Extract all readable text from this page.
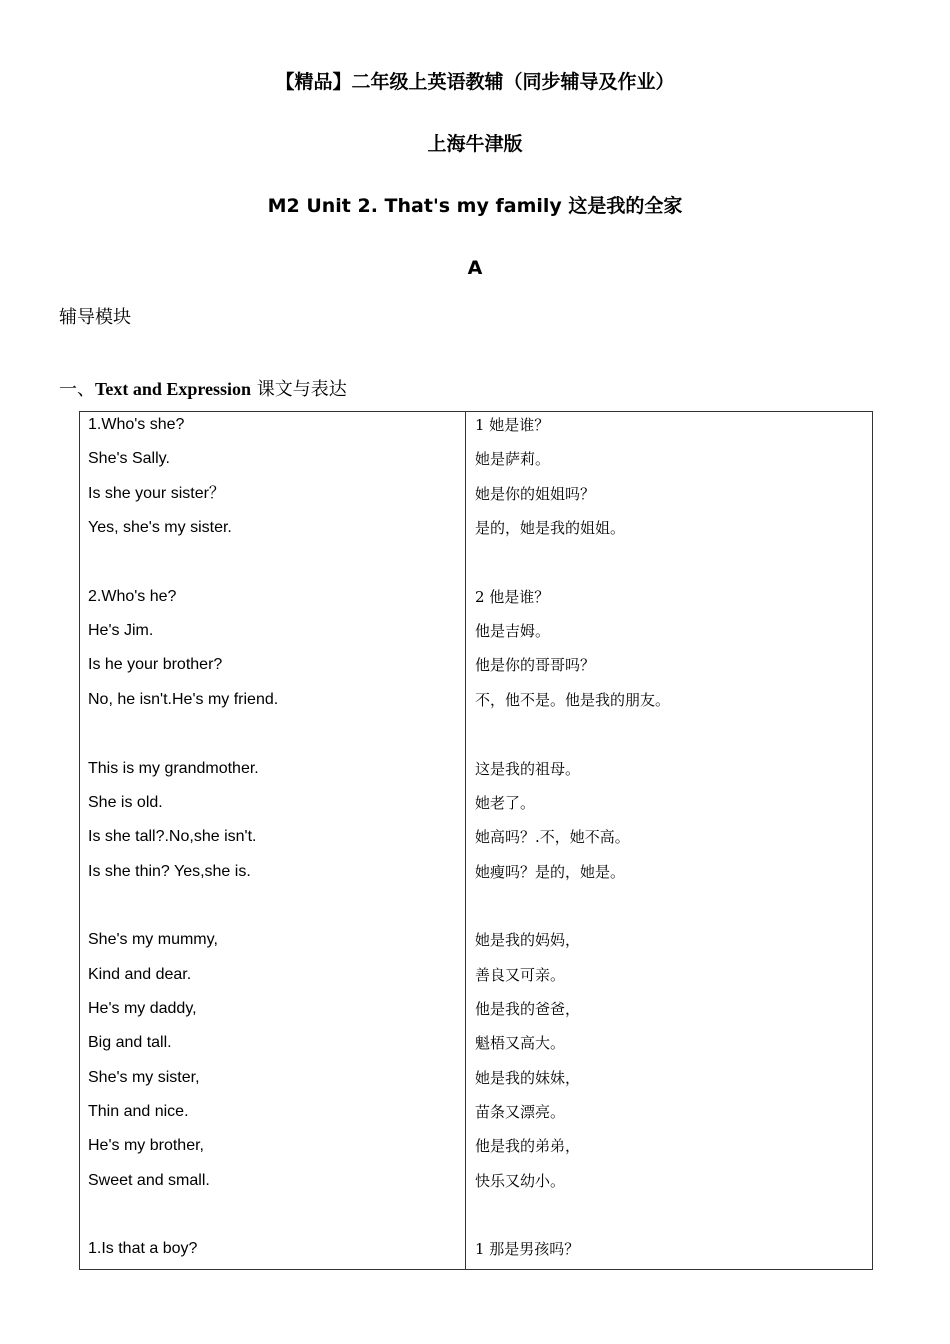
【精品】二年级上英语教辅（同步辅导及作业）
上海牛津版
M2 Unit 2. That's my family 这是我的全家
A
辅导模块
一、Text and Expression 课文与表达
1.Who's she?	1 她是谁？
She's Sally.	她是萨莉。
Is she your sister？	她是你的姐姐吗？
Yes, she's my sister.	是的，她是我的姐姐。
2.Who's he?	2 他是谁？
He's Jim.	他是吉姆。
Is he your brother?	他是你的哥哥吗？
No, he isn't.He's my friend.	不，他不是。他是我的朋友。
This is my grandmother.	这是我的祖母。
She is old.	她老了。
Is she tall?.No,she isn't.	她高吗？.不，她不高。
Is she thin? Yes,she is.	她瘦吗？是的，她是。
She's my mummy,	她是我的妈妈，
Kind and dear.	善良又可亲。
He's my daddy,	他是我的爸爸，
Big and tall.	魁梧又高大。
She's my sister,	她是我的妹妹，
Thin and nice.	苗条又漂亮。
He's my brother,	他是我的弟弟，
Sweet and small.	快乐又幼小。
1.Is that a boy?	1 那是男孩吗？
